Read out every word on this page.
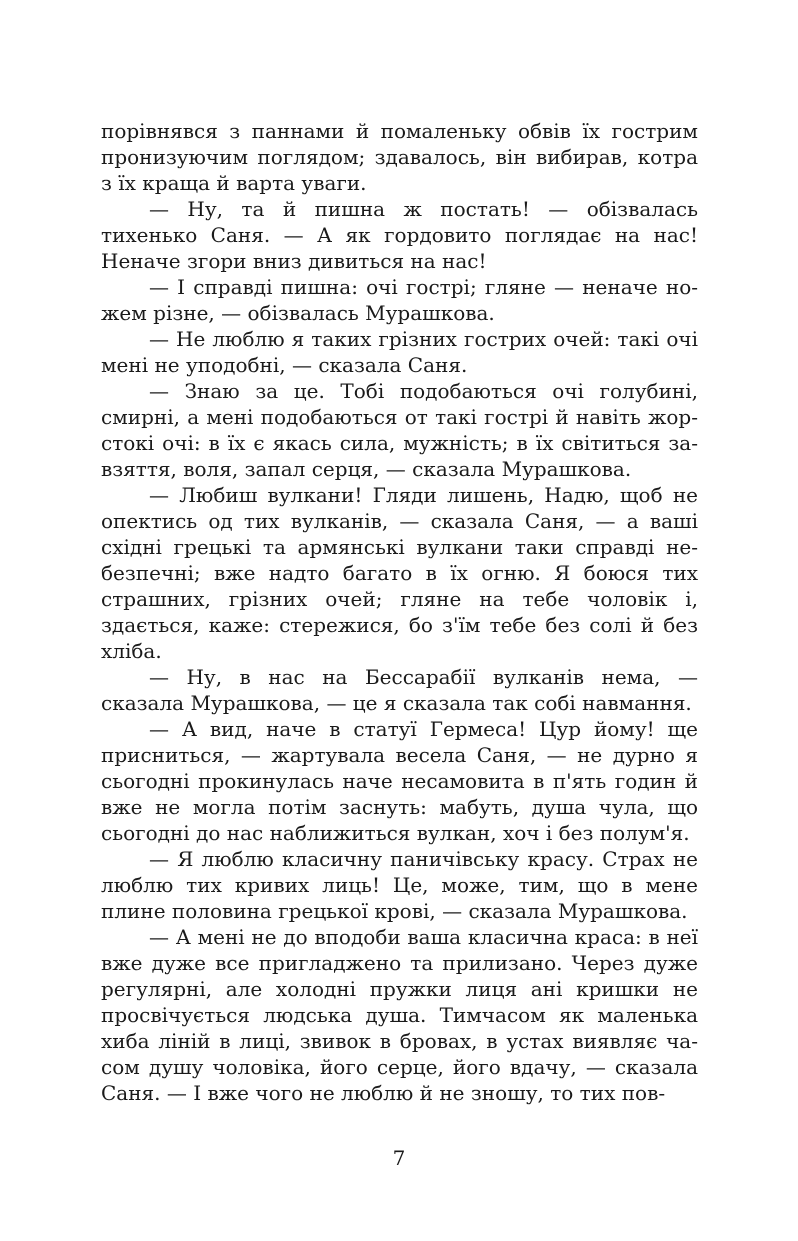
порівнявся з паннами й помаленьку обвів їх гострим пронизуючим поглядом; здавалось, він вибирав, котра з їх краща й варта уваги.

— Ну, та й пишна ж постать! — обізвалась тихенько Саня. — А як гордовито поглядає на нас! Неначе згори вниз дивиться на нас!

— І справді пишна: очі гострі; гляне — неначе ножем різне, — обізвалась Мурашкова.

— Не люблю я таких грізних гострих очей: такі очі мені не уподобні, — сказала Саня.

— Знаю за це. Тобі подобаються очі голубині, смирні, а мені подобаються от такі гострі й навіть жорстокі очі: в їх є якась сила, мужність; в їх світиться завзяття, воля, запал серця, — сказала Мурашкова.

— Любиш вулкани! Гляди лишень, Надю, щоб не опектись од тих вулканів, — сказала Саня, — а ваші східні грецькі та армянські вулкани таки справді небезпечні; вже надто багато в їх огню. Я боюся тих страшних, грізних очей; гляне на тебе чоловік і, здається, каже: стережися, бо з'їм тебе без солі й без хліба.

— Ну, в нас на Бессарабії вулканів нема, — сказала Мурашкова, — це я сказала так собі навмання.

— А вид, наче в статуї Гермеса! Цур йому! ще присниться, — жартувала весела Саня, — не дурно я сьогодні прокинулась наче несамовита в п'ять годин й вже не могла потім заснуть: мабуть, душа чула, що сьогодні до нас наближиться вулкан, хоч і без полум'я.

— Я люблю класичну паничівську красу. Страх не люблю тих кривих лиць! Це, може, тим, що в мене плине половина грецької крові, — сказала Мурашкова.

— А мені не до вподоби ваша класична краса: в неї вже дуже все пригладжено та прилизано. Через дуже регулярні, але холодні пружки лиця ані кришки не просвічується людська душа. Тимчасом як маленька хиба ліній в лиці, звивок в бровах, в устах виявляє часом душу чоловіка, його серце, його вдачу, — сказала Саня. — І вже чого не люблю й не зношу, то тих пов-

7
